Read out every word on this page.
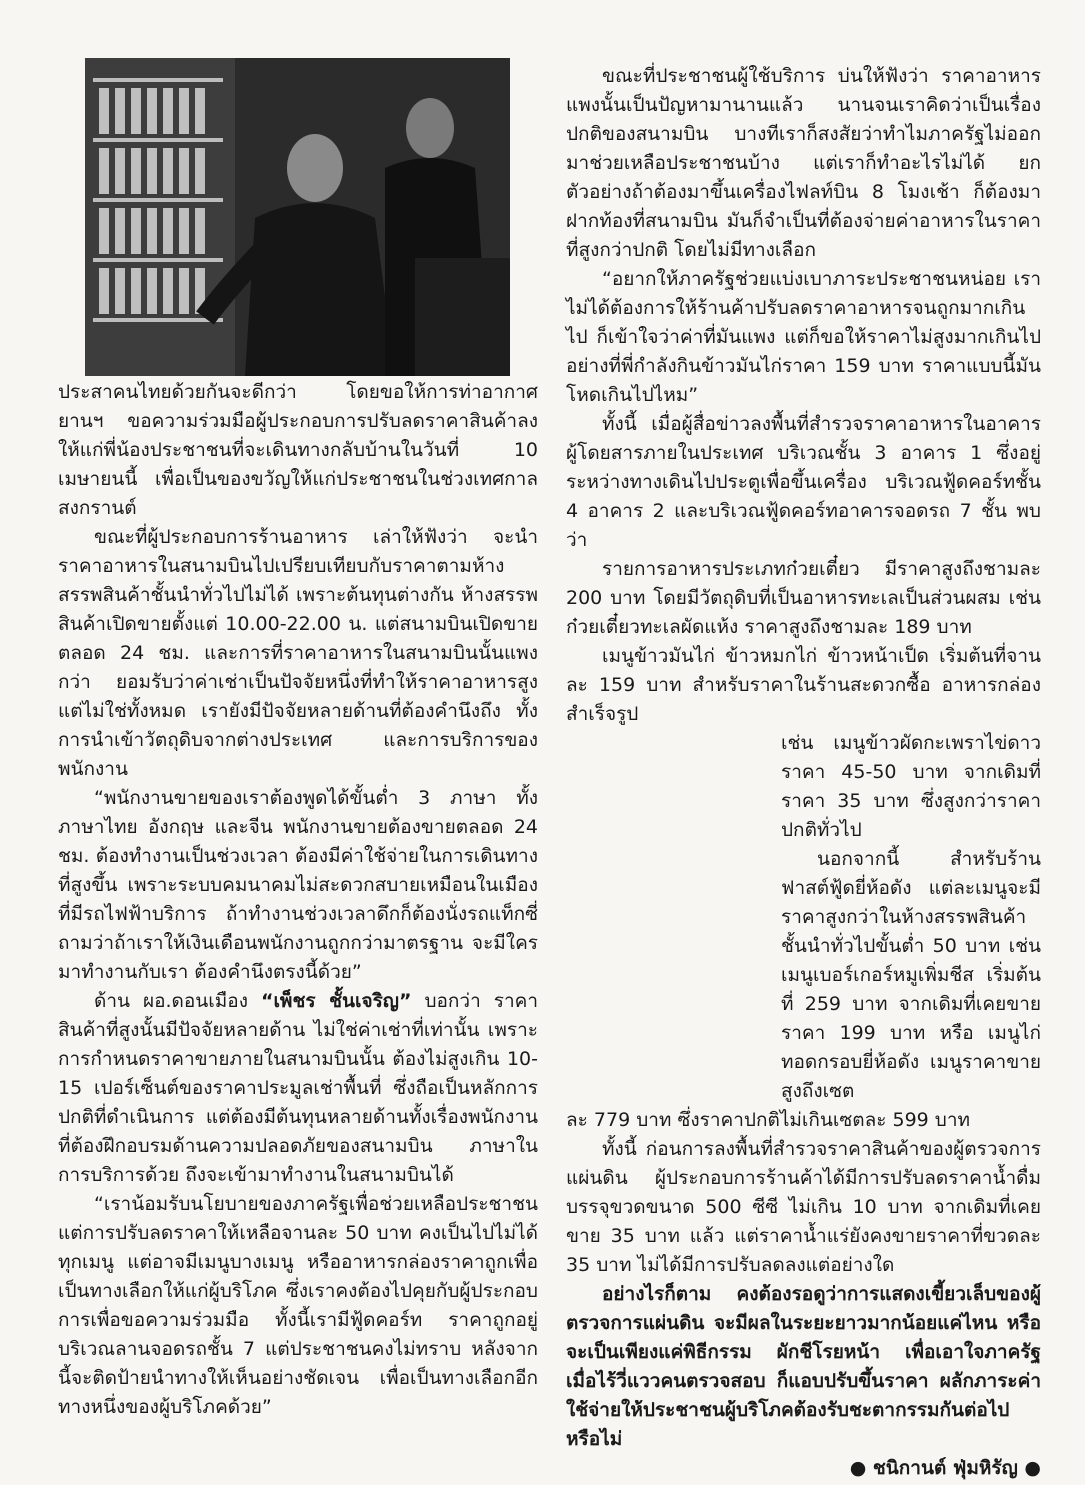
ประสาคนไทยด้วยกันจะดีกว่า โดยขอให้การท่าอากาศยานฯ ขอความร่วมมือผู้ประกอบการปรับลดราคาสินค้าลง ให้แก่พี่น้องประชาชนที่จะเดินทางกลับบ้านในวันที่ 10 เมษายนนี้ เพื่อเป็นของขวัญให้แก่ประชาชนในช่วงเทศกาลสงกรานต์

ขณะที่ผู้ประกอบการร้านอาหาร เล่าให้ฟังว่า จะนำราคาอาหารในสนามบินไปเปรียบเทียบกับราคาตามห้างสรรพสินค้าชั้นนำทั่วไปไม่ได้ เพราะต้นทุนต่างกัน ห้างสรรพสินค้าเปิดขายตั้งแต่ 10.00-22.00 น. แต่สนามบินเปิดขายตลอด 24 ชม. และการที่ราคาอาหารในสนามบินนั้นแพงกว่า ยอมรับว่าค่าเช่าเป็นปัจจัยหนึ่งที่ทำให้ราคาอาหารสูง แต่ไม่ใช่ทั้งหมด เรายังมีปัจจัยหลายด้านที่ต้องคำนึงถึง ทั้งการนำเข้าวัตถุดิบจากต่างประเทศ และการบริการของพนักงาน

“พนักงานขายของเราต้องพูดได้ขั้นต่ำ 3 ภาษา ทั้งภาษาไทย อังกฤษ และจีน พนักงานขายต้องขายตลอด 24 ชม. ต้องทำงานเป็นช่วงเวลา ต้องมีค่าใช้จ่ายในการเดินทางที่สูงขึ้น เพราะระบบคมนาคมไม่สะดวกสบายเหมือนในเมืองที่มีรถไฟฟ้าบริการ ถ้าทำงานช่วงเวลาดึกก็ต้องนั่งรถแท็กซี่ ถามว่าถ้าเราให้เงินเดือนพนักงานถูกกว่ามาตรฐาน จะมีใครมาทำงานกับเรา ต้องคำนึงตรงนี้ด้วย”

ด้าน ผอ.ดอนเมือง “เพ็ชร ชั้นเจริญ” บอกว่า ราคาสินค้าที่สูงนั้นมีปัจจัยหลายด้าน ไม่ใช่ค่าเช่าที่เท่านั้น เพราะการกำหนดราคาขายภายในสนามบินนั้น ต้องไม่สูงเกิน 10-15 เปอร์เซ็นต์ของราคาประมูลเช่าพื้นที่ ซึ่งถือเป็นหลักการปกติที่ดำเนินการ แต่ต้องมีต้นทุนหลายด้านทั้งเรื่องพนักงานที่ต้องฝึกอบรมด้านความปลอดภัยของสนามบิน ภาษาในการบริการด้วย ถึงจะเข้ามาทำงานในสนามบินได้

“เราน้อมรับนโยบายของภาครัฐเพื่อช่วยเหลือประชาชน แต่การปรับลดราคาให้เหลือจานละ 50 บาท คงเป็นไปไม่ได้ทุกเมนู แต่อาจมีเมนูบางเมนู หรืออาหารกล่องราคาถูกเพื่อเป็นทางเลือกให้แก่ผู้บริโภค ซึ่งเราคงต้องไปคุยกับผู้ประกอบการเพื่อขอความร่วมมือ ทั้งนี้เรามีฟู้ดคอร์ท ราคาถูกอยู่บริเวณลานจอดรถชั้น 7 แต่ประชาชนคงไม่ทราบ หลังจากนี้จะติดป้ายนำทางให้เห็นอย่างชัดเจน เพื่อเป็นทางเลือกอีกทางหนึ่งของผู้บริโภคด้วย”

ขณะที่ประชาชนผู้ใช้บริการ บ่นให้ฟังว่า ราคาอาหารแพงนั้นเป็นปัญหามานานแล้ว นานจนเราคิดว่าเป็นเรื่องปกติของสนามบิน บางทีเราก็สงสัยว่าทำไมภาครัฐไม่ออกมาช่วยเหลือประชาชนบ้าง แต่เราก็ทำอะไรไม่ได้ ยกตัวอย่างถ้าต้องมาขึ้นเครื่องไฟลท์บิน 8 โมงเช้า ก็ต้องมาฝากท้องที่สนามบิน มันก็จำเป็นที่ต้องจ่ายค่าอาหารในราคาที่สูงกว่าปกติ โดยไม่มีทางเลือก

“อยากให้ภาครัฐช่วยแบ่งเบาภาระประชาชนหน่อย เราไม่ได้ต้องการให้ร้านค้าปรับลดราคาอาหารจนถูกมากเกินไป ก็เข้าใจว่าค่าที่มันแพง แต่ก็ขอให้ราคาไม่สูงมากเกินไป อย่างที่พี่กำลังกินข้าวมันไก่ราคา 159 บาท ราคาแบบนี้มันโหดเกินไปไหม”

ทั้งนี้ เมื่อผู้สื่อข่าวลงพื้นที่สำรวจราคาอาหารในอาคารผู้โดยสารภายในประเทศ บริเวณชั้น 3 อาคาร 1 ซึ่งอยู่ระหว่างทางเดินไปประตูเพื่อขึ้นเครื่อง บริเวณฟู้ดคอร์ทชั้น 4 อาคาร 2 และบริเวณฟู้ดคอร์ทอาคารจอดรถ 7 ชั้น พบว่า

รายการอาหารประเภทก๋วยเตี๋ยว มีราคาสูงถึงชามละ 200 บาท โดยมีวัตถุดิบที่เป็นอาหารทะเลเป็นส่วนผสม เช่น ก๋วยเตี๋ยวทะเลผัดแห้ง ราคาสูงถึงชามละ 189 บาท

เมนูข้าวมันไก่ ข้าวหมกไก่ ข้าวหน้าเป็ด เริ่มต้นที่จานละ 159 บาท สำหรับราคาในร้านสะดวกซื้อ อาหารกล่องสำเร็จรูป

เช่น เมนูข้าวผัดกะเพราไข่ดาว ราคา 45-50 บาท จากเดิมที่ราคา 35 บาท ซึ่งสูงกว่าราคาปกติทั่วไป

นอกจากนี้ สำหรับร้านฟาสต์ฟู้ดยี่ห้อดัง แต่ละเมนูจะมีราคาสูงกว่าในห้างสรรพสินค้าชั้นนำทั่วไปขั้นต่ำ 50 บาท เช่น เมนูเบอร์เกอร์หมูเพิ่มชีส เริ่มต้นที่ 259 บาท จากเดิมที่เคยขายราคา 199 บาท หรือ เมนูไก่ทอดกรอบยี่ห้อดัง เมนูราคาขายสูงถึงเซต

ละ 779 บาท ซึ่งราคาปกติไม่เกินเซตละ 599 บาท

ทั้งนี้ ก่อนการลงพื้นที่สำรวจราคาสินค้าของผู้ตรวจการแผ่นดิน ผู้ประกอบการร้านค้าได้มีการปรับลดราคาน้ำดื่มบรรจุขวดขนาด 500 ซีซี ไม่เกิน 10 บาท จากเดิมที่เคยขาย 35 บาท แล้ว แต่ราคาน้ำแร่ยังคงขายราคาที่ขวดละ 35 บาท ไม่ได้มีการปรับลดลงแต่อย่างใด

อย่างไรก็ตาม คงต้องรอดูว่าการแสดงเขี้ยวเล็บของผู้ตรวจการแผ่นดิน จะมีผลในระยะยาวมากน้อยแค่ไหน หรือจะเป็นเพียงแค่พิธีกรรม ผักชีโรยหน้า เพื่อเอาใจภาครัฐ เมื่อไร้วี่แววคนตรวจสอบ ก็แอบปรับขึ้นราคา ผลักภาระค่าใช้จ่ายให้ประชาชนผู้บริโภคต้องรับชะตากรรมกันต่อไปหรือไม่

● ชนิกานต์ ฟุ่มหิรัญ ●
